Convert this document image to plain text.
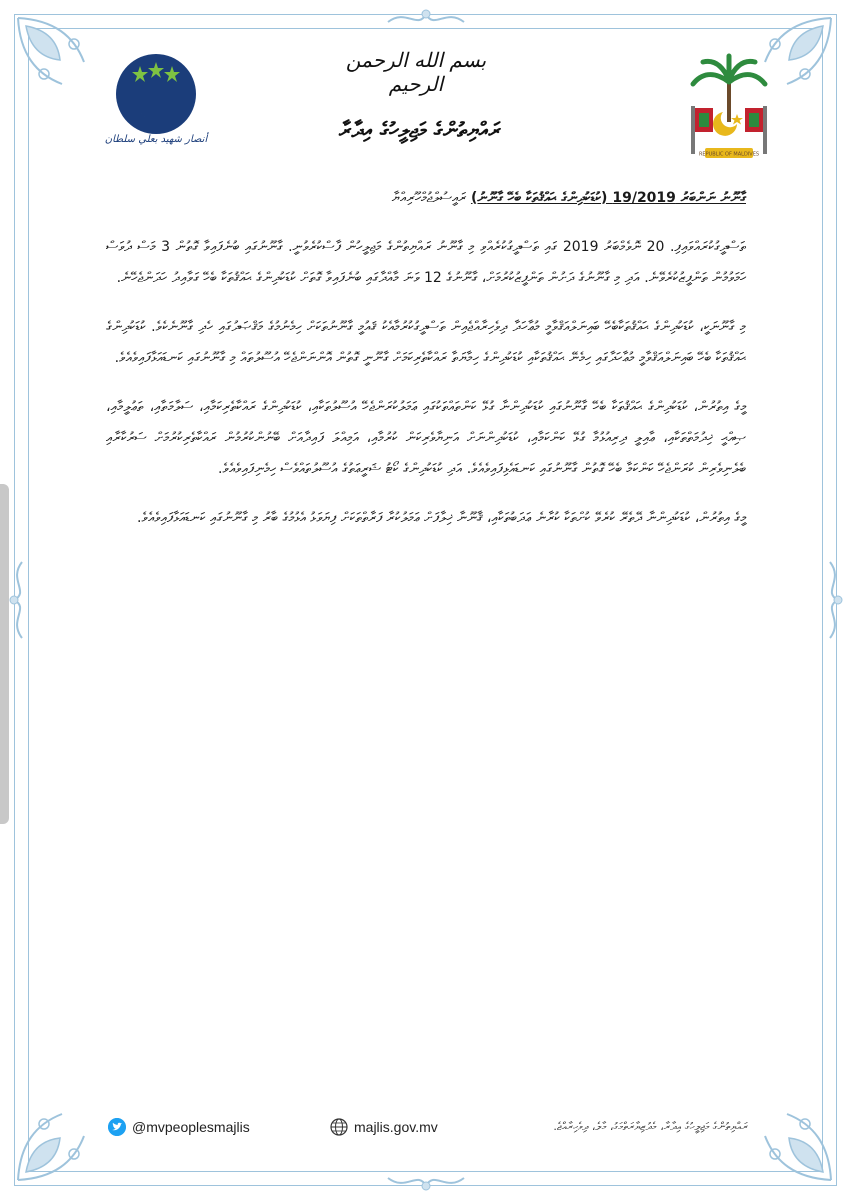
بسم الله الرحمن الرحيم
ރައްޔިތުންގެ މަޖިލީހުގެ އިދާރާ
أنصار شهيد بعلي سلطان
REPUBLIC OF MALDIVES

ގާނޫނު ނަންބަރު 19/2019 (ކުޑަކުދިންގެ ޙައްޤުތަކާ ބެހޭ ގާނޫނު) ރައީސުލްޖުމްހޫރިއްޔާ

ތަސްދީގުކުރައްވައިފި. 20 ނޮވެމްބަރު 2019 ގައި ތަސްދީގުކުރެއްވި މި ގާނޫނު ރައްޔިތުންގެ މަޖިލީހުން ފާސްކުރެވުނީ. ގާނޫނުގައި ބުނެފައިވާ ގޮތުން 3 މަސް ދުވަސް ހަމަވުމުން ތަންފީޒުކުރެވޭނެ. އަދި މި ގާނޫނުގެ ދަށުން ތަންފީޒުކުރުމަށް، ގާނޫނުގެ 12 ވަނަ މާއްދާގައި ބުނެފައިވާ ގޮތަށް ކުޑަކުދިންގެ ޙައްޤުތަކާ ބެހޭ ގަވާއިދު ހަދަންޖެހޭނެ.

މި ގާނޫނަކީ، ކުޑަކުދިންގެ ޙައްޤުތަކާބެހޭ ބައިނަލްއަޤްވާމީ މުޢާހަދާ ދިވެހިރާއްޖެއިން ތަސްދީގުކުރުމާއެކު ޤައުމީ ގާނޫނުތަކަށް ހިމެނުމުގެ މަޤްޞަދުގައި ހެދި ގާނޫނެކެވެ. ކުޑަކުދިންގެ ޙައްޤުތަކާ ބެހޭ ބައިނަލްއަޤްވާމީ މުޢާހަދާގައި ހިމެނޭ ޙައްޤުތަކާއި ކުޑަކުދިންގެ ހިމާޔަތާ ރައްކާތެރިކަމަށް ގާނޫނީ ގޮތުން އޮންނަންޖެހޭ އުސޫލުތައް މި ގާނޫނުގައި ކަނޑައަޅާފައިވެއެވެ.

މީގެ އިތުރުން، ކުޑަކުދިންގެ ޙައްޤުތަކާ ބެހޭ ގާނޫނުގައި ކުޑަކުދިންނާ ގުޅޭ ކަންތައްތަކުގައި ޢަމަލުކުރަންޖެހޭ އުސޫލުތަކާއި، ކުޑަކުދިންގެ ރައްކާތެރިކަމާއި، ސަލާމަތާއި، ތަޢުލީމާއި، ޞިއްޙީ ޚިދުމަތްތަކާއި، ޢާއިލީ ދިރިއުޅުމާ ގުޅޭ ކަންކަމާއި، ކުޑަކުދިންނަށް އަނިޔާވެރިކަން ކުރުމާއި، އަމިއްލަ ފައިދާއަށް ބޭނުންކުރުމުން ރައްކާތެރިކުރުމަށް ސަރުކާރާއި ބެލެނިވެރިން ކުރަންޖެހޭ ކަންކަމާ ބެހޭ ގޮތުން ގާނޫނުގައި ކަނޑައެޅިފައިވެއެވެ. އަދި ކުޑަކުދިންގެ ކޯޓު ޝަރީޢަތުގެ އުސޫލުތައްވެސް ހިމެނިފައިވެއެވެ.

މީގެ އިތުރުން، ކުޑަކުދިންނާ ދޭތެރޭ ކުރެވޭ ކުށްތަކާ ކުރާނެ ޢަދަބުތަކާއި، ޤާނޫނާ ޚިލާފަށް ޢަމަލުކުރާ ފަރާތްތަކަށް ފިޔަވަޅު އެޅުމުގެ ބާރު މި ގާނޫނުގައި ކަނޑައަޅާފައިވެއެވެ.

@mvpeoplesmajlis	majlis.gov.mv	ރައްޔިތުންގެ މަޖިލީހުގެ އިދާރާ، މެދުޒިޔާރަތްމަގު، މާލެ، ދިވެހިރާއްޖެ.
